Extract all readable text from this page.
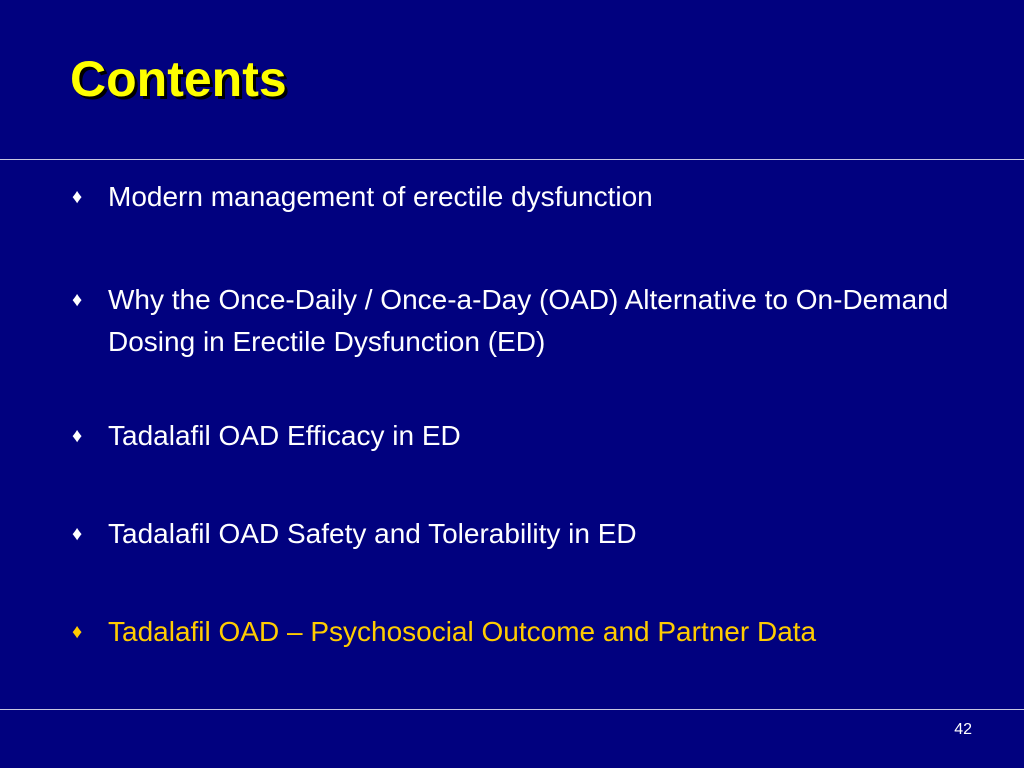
Contents
♦ Modern management of erectile dysfunction
♦ Why the Once-Daily / Once-a-Day (OAD) Alternative to On-Demand Dosing in Erectile Dysfunction (ED)
♦ Tadalafil OAD Efficacy in ED
♦ Tadalafil OAD Safety and Tolerability in ED
♦ Tadalafil OAD – Psychosocial Outcome and Partner Data
42
